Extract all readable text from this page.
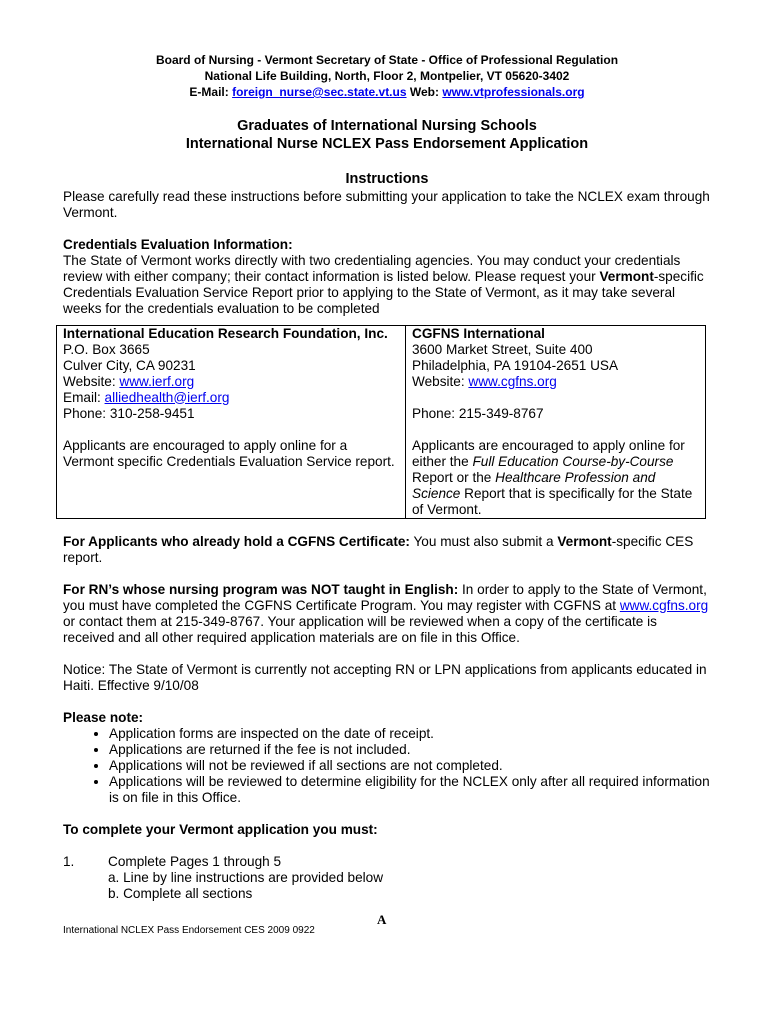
Board of Nursing - Vermont Secretary of State - Office of Professional Regulation
National Life Building, North, Floor 2, Montpelier, VT 05620-3402
E-Mail: foreign_nurse@sec.state.vt.us Web: www.vtprofessionals.org
Graduates of International Nursing Schools
International Nurse NCLEX Pass Endorsement Application
Instructions

Please carefully read these instructions before submitting your application to take the NCLEX exam through Vermont.

Credentials Evaluation Information:

The State of Vermont works directly with two credentialing agencies. You may conduct your credentials review with either company; their contact information is listed below. Please request your Vermont-specific Credentials Evaluation Service Report prior to applying to the State of Vermont, as it may take several weeks for the credentials evaluation to be completed

International Education Research Foundation, Inc.
P.O. Box 3665
Culver City, CA 90231
Website: www.ierf.org
Email: alliedhealth@ierf.org
Phone: 310-258-9451
Applicants are encouraged to apply online for a Vermont specific Credentials Evaluation Service report.

CGFNS International
3600 Market Street, Suite 400
Philadelphia, PA 19104-2651 USA
Website: www.cgfns.org
Phone: 215-349-8767
Applicants are encouraged to apply online for either the Full Education Course-by-Course Report or the Healthcare Profession and Science Report that is specifically for the State of Vermont.

For Applicants who already hold a CGFNS Certificate: You must also submit a Vermont-specific CES report.

For RN’s whose nursing program was NOT taught in English: In order to apply to the State of Vermont, you must have completed the CGFNS Certificate Program. You may register with CGFNS at www.cgfns.org or contact them at 215-349-8767. Your application will be reviewed when a copy of the certificate is received and all other required application materials are on file in this Office.

Notice: The State of Vermont is currently not accepting RN or LPN applications from applicants educated in Haiti. Effective 9/10/08

Please note:

• Application forms are inspected on the date of receipt.
• Applications are returned if the fee is not included.
• Applications will not be reviewed if all sections are not completed.
• Applications will be reviewed to determine eligibility for the NCLEX only after all required information is on file in this Office.

To complete your Vermont application you must:

1. Complete Pages 1 through 5
a. Line by line instructions are provided below
b. Complete all sections
A
International NCLEX Pass Endorsement CES 2009 0922
